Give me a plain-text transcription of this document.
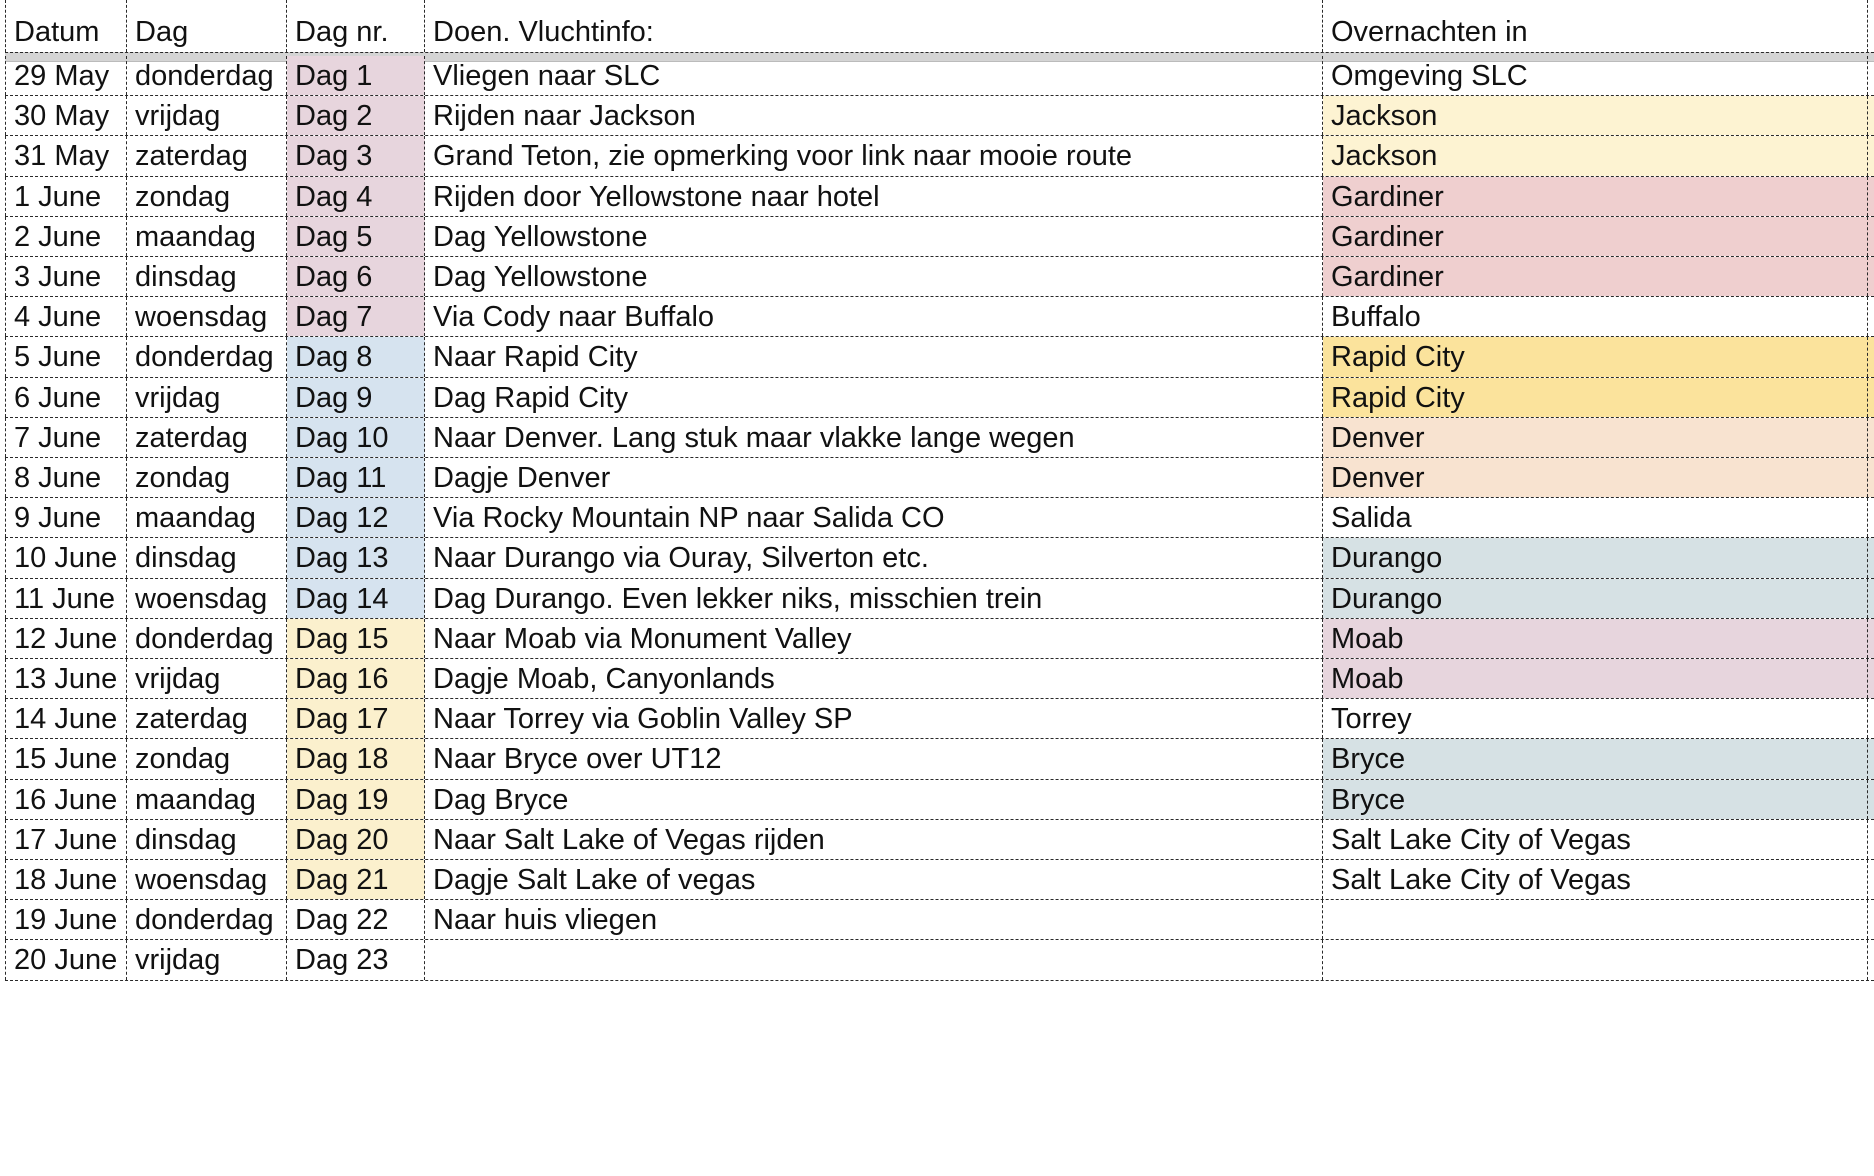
Datum	Dag	Dag nr.	Doen. Vluchtinfo:	Overnachten in
29 May donderdag Dag 1	Vliegen naar SLC	Omgeving SLC
30 May vrijdag	Dag 2	Rijden naar Jackson	Jackson
31 May zaterdag	Dag 3	Grand Teton, zie opmerking voor link naar mooie route	Jackson
1 June	zondag	Dag 4	Rijden door Yellowstone naar hotel	Gardiner
2 June	maandag	Dag 5	Dag Yellowstone	Gardiner
3 June	dinsdag	Dag 6	Dag Yellowstone	Gardiner
4 June	woensdag Dag 7	Via Cody naar Buffalo	Buffalo
5 June	donderdag Dag 8	Naar Rapid City	Rapid City
6 June	vrijdag	Dag 9	Dag Rapid City	Rapid City
7 June	zaterdag	Dag 10	Naar Denver. Lang stuk maar vlakke lange wegen	Denver
8 June	zondag	Dag 11	Dagje Denver	Denver
9 June	maandag	Dag 12	Via Rocky Mountain NP naar Salida CO	Salida
10 June dinsdag	Dag 13	Naar Durango via Ouray, Silverton etc.	Durango
11 June woensdag Dag 14	Dag Durango. Even lekker niks, misschien trein	Durango
12 June donderdag Dag 15	Naar Moab via Monument Valley	Moab
13 June vrijdag	Dag 16	Dagje Moab, Canyonlands	Moab
14 June zaterdag	Dag 17	Naar Torrey via Goblin Valley SP	Torrey
15 June zondag	Dag 18	Naar Bryce over UT12	Bryce
16 June maandag	Dag 19	Dag Bryce	Bryce
17 June dinsdag	Dag 20	Naar Salt Lake of Vegas rijden	Salt Lake City of Vegas
18 June woensdag Dag 21	Dagje Salt Lake of vegas	Salt Lake City of Vegas
19 June donderdag Dag 22	Naar huis vliegen
20 June vrijdag	Dag 23
